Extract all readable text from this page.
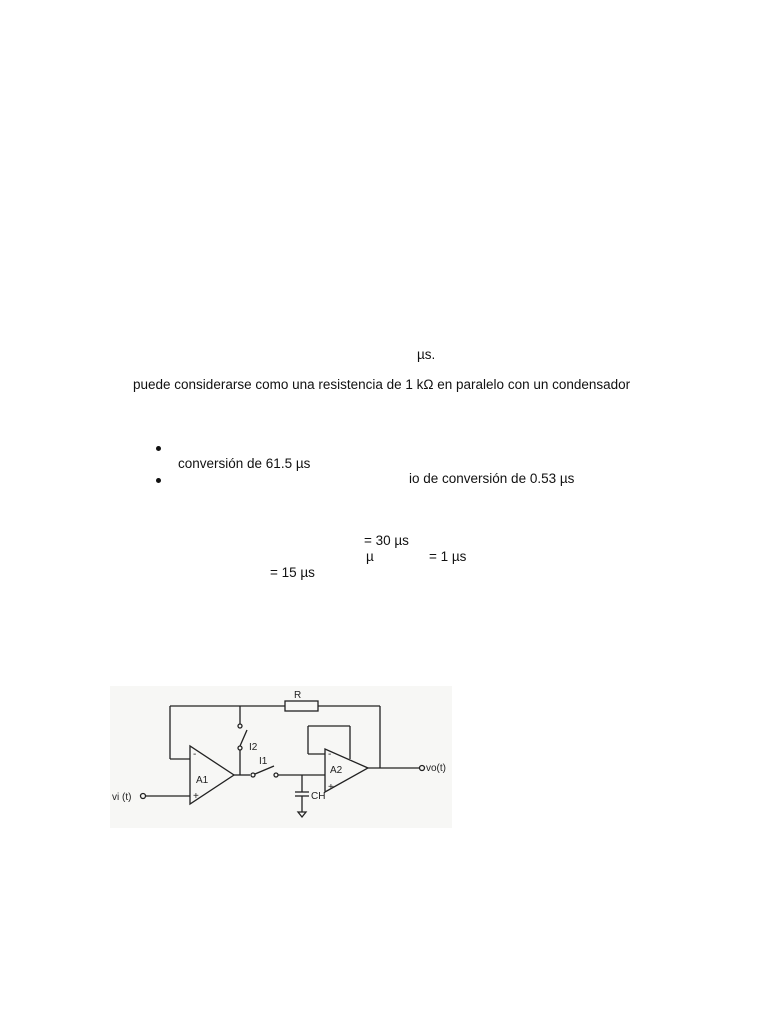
µs.
puede considerarse como una resistencia de 1 kΩ en paralelo con un condensador
conversión de 61.5 µs
io de conversión de 0.53 µs
= 30 µs
µ	= 1 µs
= 15 µs
R
I2
I1
A1
A2
vi (t)
vo(t)
CH
-
+
-
+
